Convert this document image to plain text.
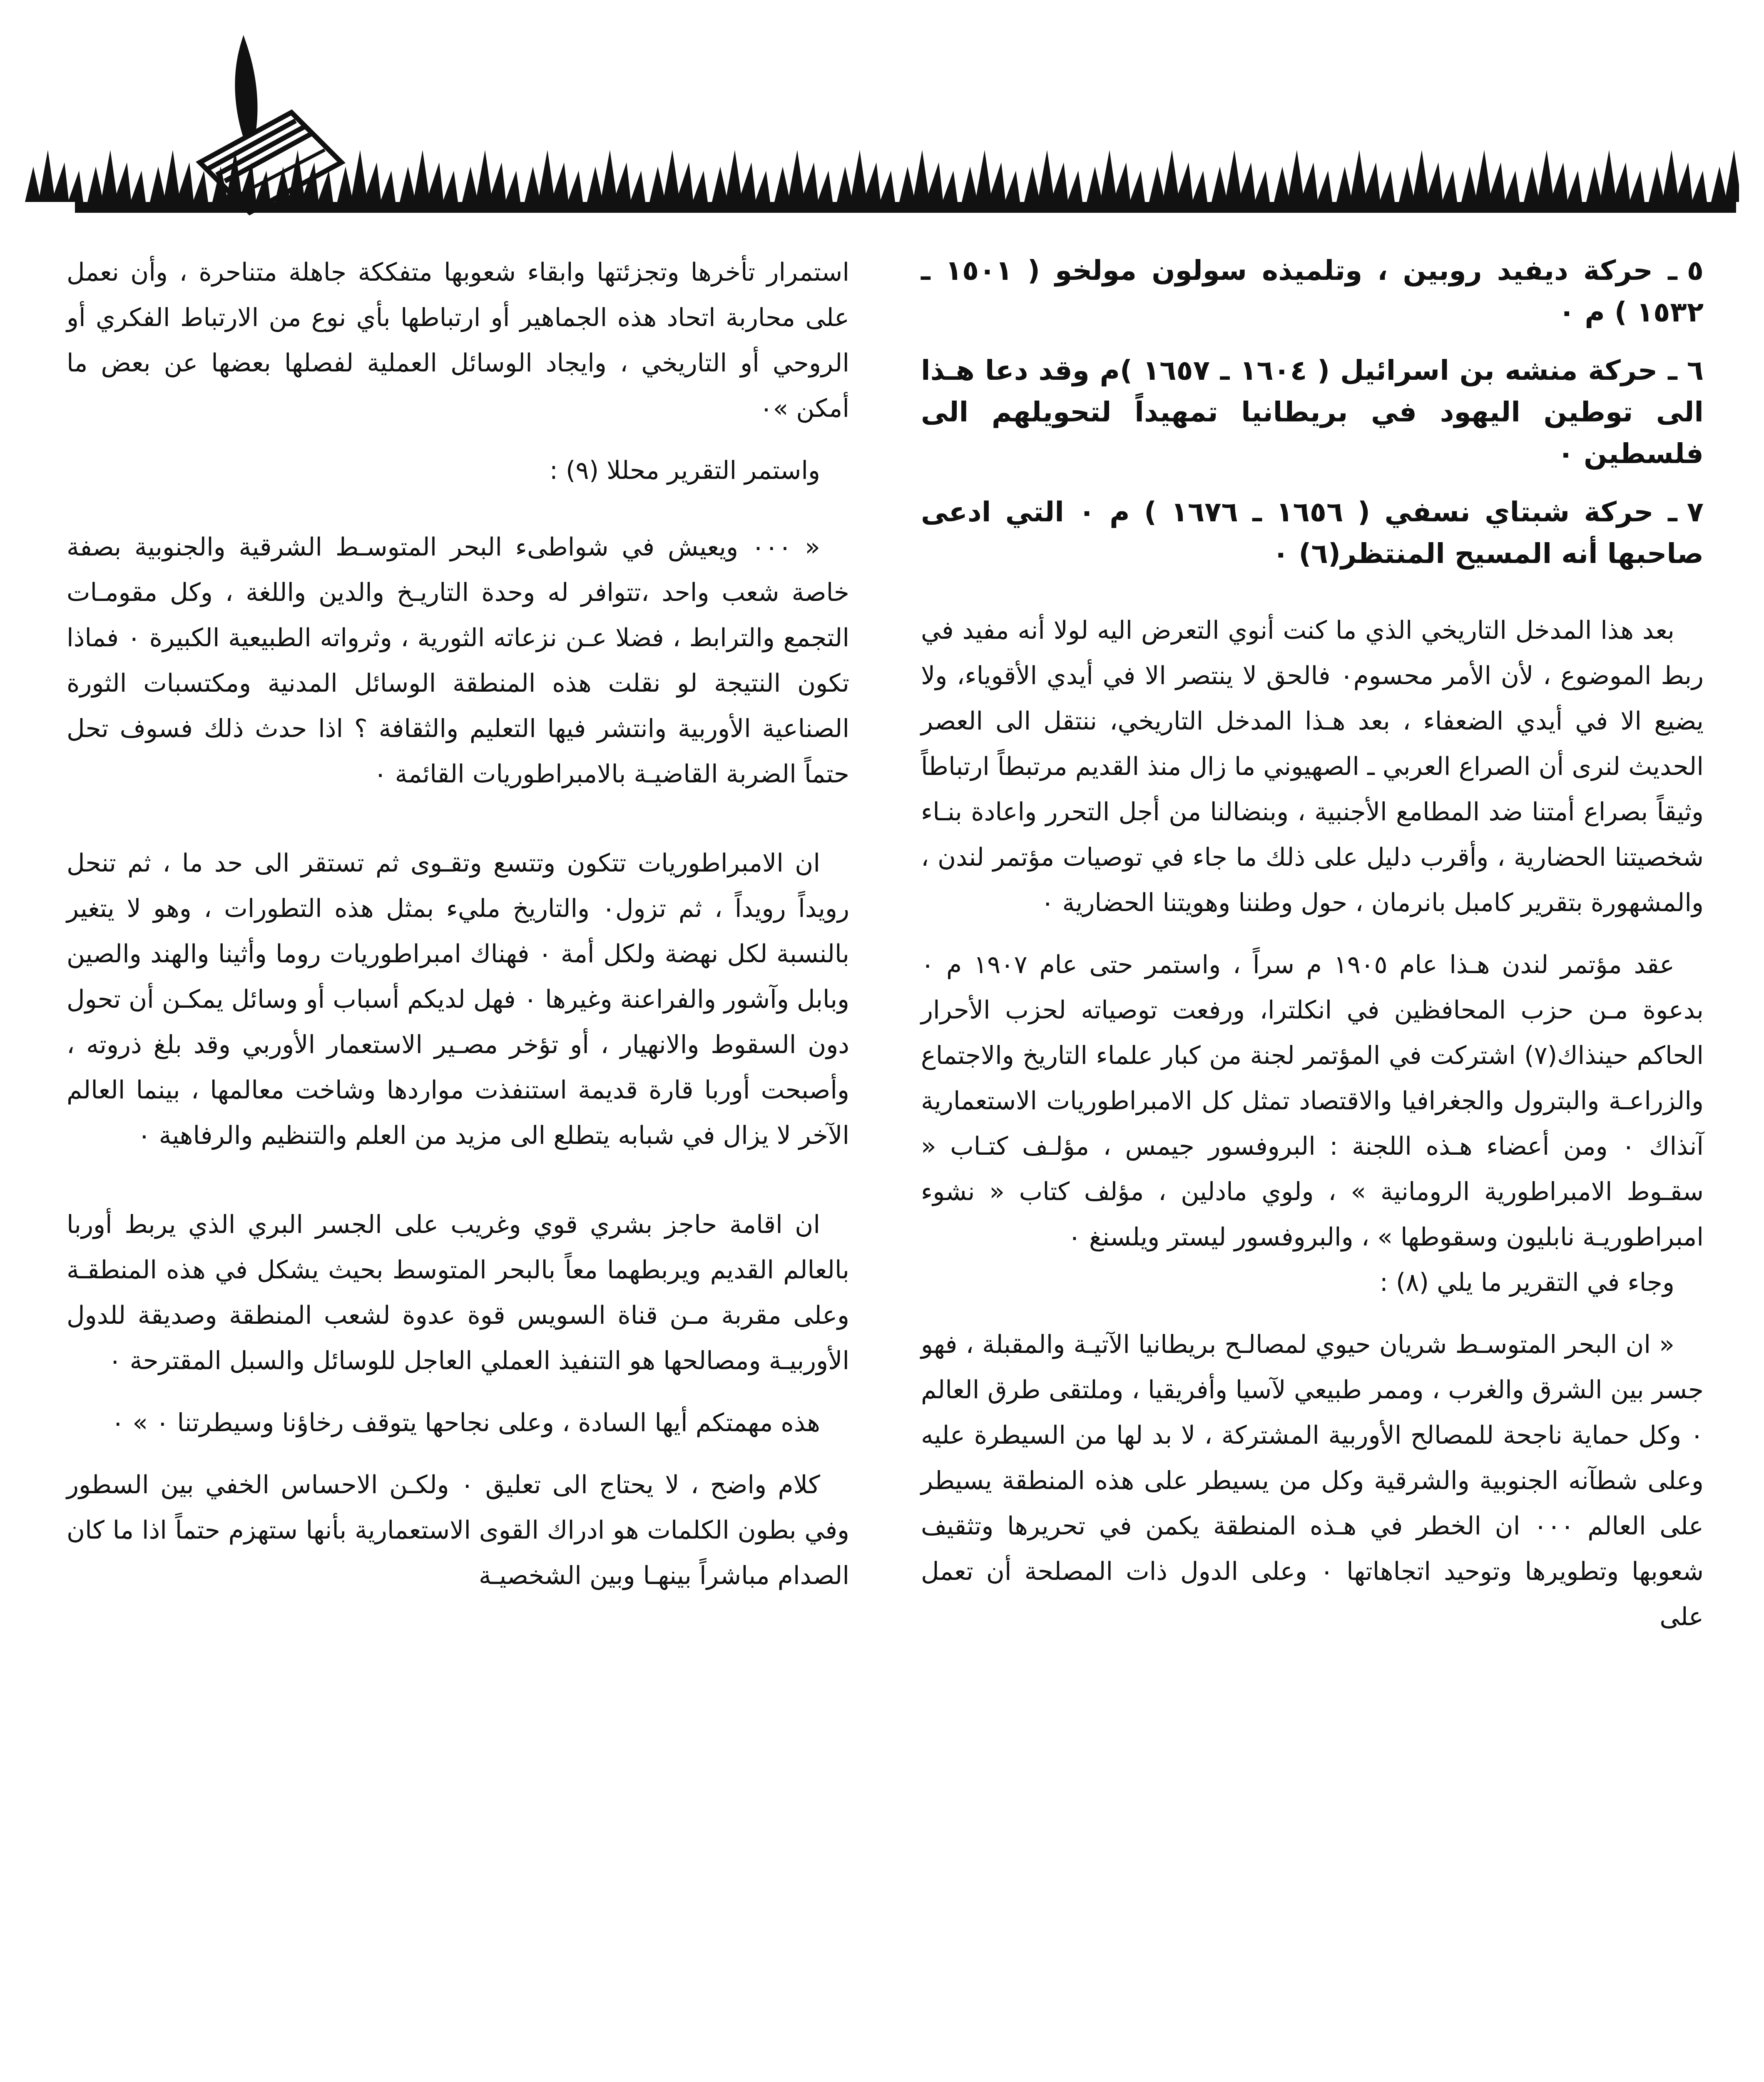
٥ ـ حركة ديفيد روبين ، وتلميذه سولون مولخو ( ١٥٠١ ـ ١٥٣٢ ) م ٠
٦ ـ حركة منشه بن اسرائيل ( ١٦٠٤ ـ ١٦٥٧ )م وقد دعا هـذا الى توطين اليهود في بريطانيا تمهيداً لتحويلهم الى فلسطين ٠
٧ ـ حركة شبتاي نسفي ( ١٦٥٦ ـ ١٦٧٦ ) م ٠ التي ادعى صاحبها أنه المسيح المنتظر(٦) ٠

بعد هذا المدخل التاريخي الذي ما كنت أنوي التعرض اليه لولا أنه مفيد في ربط الموضوع ، لأن الأمر محسوم٠ فالحق لا ينتصر الا في أيدي الأقوياء، ولا يضيع الا في أيدي الضعفاء ، بعد هـذا المدخل التاريخي، ننتقل الى العصر الحديث لنرى أن الصراع العربي ـ الصهيوني ما زال منذ القديم مرتبطاً ارتباطاً وثيقاً بصراع أمتنا ضد المطامع الأجنبية ، وبنضالنا من أجل التحرر واعادة بنـاء شخصيتنا الحضارية ، وأقرب دليل على ذلك ما جاء في توصيات مؤتمر لندن ، والمشهورة بتقرير كامبل بانرمان ، حول وطننا وهويتنا الحضارية ٠

عقد مؤتمر لندن هـذا عام ١٩٠٥ م سراً ، واستمر حتى عام ١٩٠٧ م ٠ بدعوة مـن حزب المحافظين في انكلترا، ورفعت توصياته لحزب الأحرار الحاكم حينذاك(٧) اشترکت في المؤتمر لجنة من كبار علماء التاريخ والاجتماع والزراعـة والبترول والجغرافيا والاقتصاد تمثل كل الامبراطوريات الاستعمارية آنذاك ٠ ومن أعضاء هـذه اللجنة : البروفسور جيمس ، مؤلـف كتـاب « سقـوط الامبراطورية الرومانية » ، ولوي مادلين ، مؤلف كتاب « نشوء امبراطوريـة نابليون وسقوطها » ، والبروفسور ليستر ويلسنغ ٠

وجاء في التقرير ما يلي (٨) :

« ان البحر المتوسـط شريان حيوي لمصالـح بريطانيا الآتيـة والمقبلة ، فهو جسر بين الشرق والغرب ، وممر طبيعي لآسيا وأفريقيا ، وملتقى طرق العالم ٠ وكل حماية ناجحة للمصالح الأوربية المشتركة ، لا بد لها من السيطرة عليه وعلى شطآنه الجنوبية والشرقية وكل من يسيطر على هذه المنطقة يسيطر على العالم ٠٠٠ ان الخطر في هـذه المنطقة يكمن في تحريرها وتثقيف شعوبها وتطويرها وتوحيد اتجاهاتها ٠ وعلى الدول ذات المصلحة أن تعمل على

استمرار تأخرها وتجزئتها وابقاء شعوبها متفككة جاهلة متناحرة ، وأن نعمل على محاربة اتحاد هذه الجماهير أو ارتباطها بأي نوع من الارتباط الفكري أو الروحي أو التاريخي ، وايجاد الوسائل العملية لفصلها بعضها عن بعض ما أمكن »٠

واستمر التقرير محللا (٩) :

« ٠٠٠ ويعيش في شواطىء البحر المتوسـط الشرقية والجنوبية بصفة خاصة شعب واحد ،تتوافر له وحدة التاريـخ والدين واللغة ، وكل مقومـات التجمع والترابط ، فضلا عـن نزعاته الثورية ، وثرواته الطبيعية الكبيرة ٠ فماذا تكون النتيجة لو نقلت هذه المنطقة الوسائل المدنية ومكتسبات الثورة الصناعية الأوربية وانتشر فيها التعليم والثقافة ؟ اذا حدث ذلك فسوف تحل حتماً الضربة القاضيـة بالامبراطوريات القائمة ٠

ان الامبراطوريات تتكون وتتسع وتقـوى ثم تستقر الى حد ما ، ثم تنحل رويداً رويداً ، ثم تزول٠ والتاريخ مليء بمثل هذه التطورات ، وهو لا يتغير بالنسبة لكل نهضة ولكل أمة ٠ فهناك امبراطوريات روما وأثينا والهند والصين وبابل وآشور والفراعنة وغيرها ٠ فهل لديكم أسباب أو وسائل يمكـن أن تحول دون السقوط والانهيار ، أو تؤخر مصـير الاستعمار الأوربي وقد بلغ ذروته ، وأصبحت أوربا قارة قديمة استنفذت مواردها وشاخت معالمها ، بينما العالم الآخر لا يزال في شبابه يتطلع الى مزيد من العلم والتنظيم والرفاهية ٠

ان اقامة حاجز بشري قوي وغريب على الجسر البري الذي يربط أوربا بالعالم القديم ويربطهما معاً بالبحر المتوسط بحيث يشكل في هذه المنطقـة وعلى مقربة مـن قناة السويس قوة عدوة لشعب المنطقة وصديقة للدول الأوربيـة ومصالحها هو التنفيذ العملي العاجل للوسائل والسبل المقترحة ٠

هذه مهمتكم أيها السادة ، وعلى نجاحها يتوقف رخاؤنا وسيطرتنا ٠ » ٠

كلام واضح ، لا يحتاج الى تعليق ٠ ولكـن الاحساس الخفي بين السطور وفي بطون الكلمات هو ادراك القوى الاستعمارية بأنها ستهزم حتماً اذا ما كان الصدام مباشراً بينهـا وبين الشخصيـة
